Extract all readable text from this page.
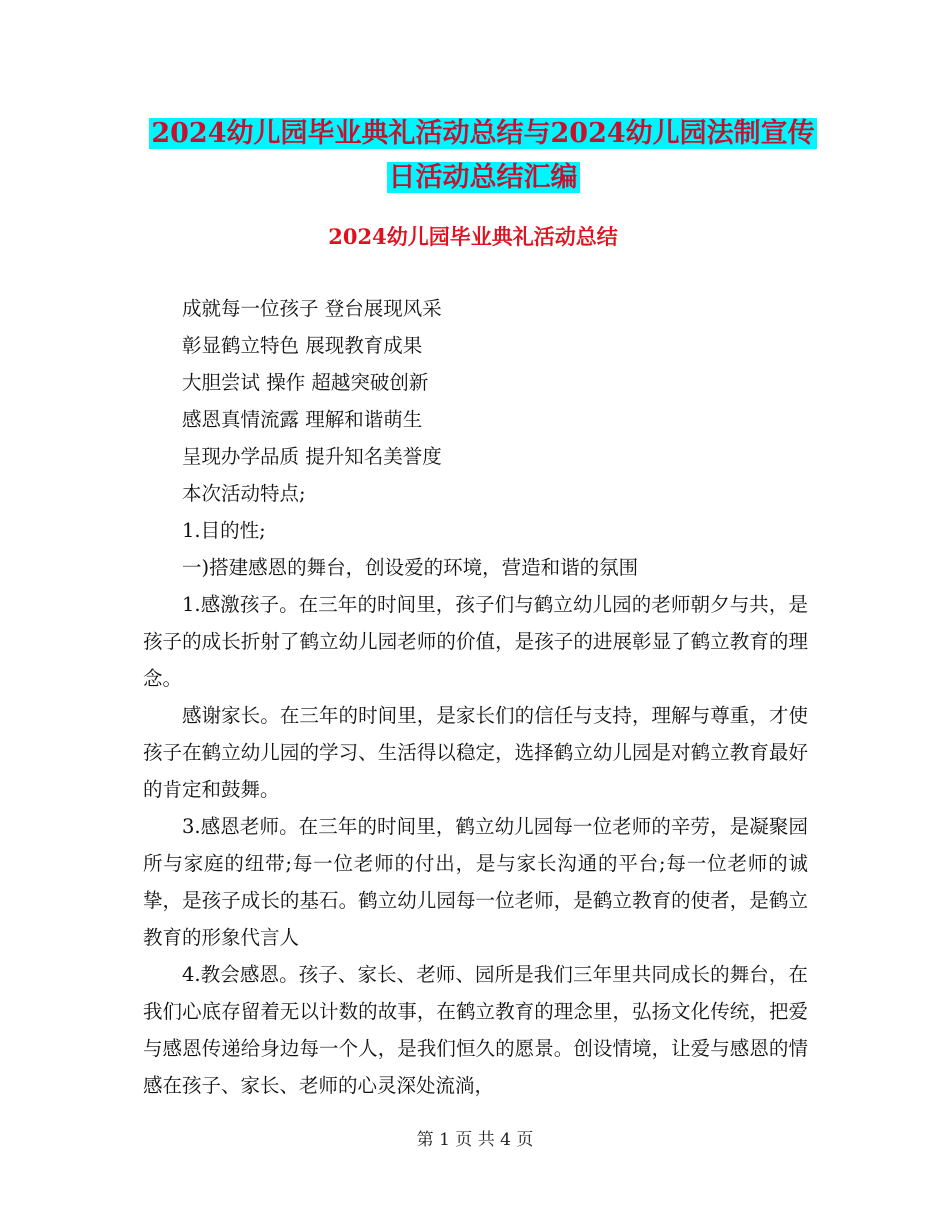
2024幼儿园毕业典礼活动总结与2024幼儿园法制宣传
日活动总结汇编
2024幼儿园毕业典礼活动总结

成就每一位孩子 登台展现风采

彰显鹤立特色 展现教育成果

大胆尝试 操作 超越突破创新

感恩真情流露 理解和谐萌生

呈现办学品质 提升知名美誉度

本次活动特点;

1.目的性;

一)搭建感恩的舞台，创设爱的环境，营造和谐的氛围

1.感激孩子。在三年的时间里，孩子们与鹤立幼儿园的老师朝夕与共，是孩子的成长折射了鹤立幼儿园老师的价值，是孩子的进展彰显了鹤立教育的理念。

感谢家长。在三年的时间里，是家长们的信任与支持，理解与尊重，才使孩子在鹤立幼儿园的学习、生活得以稳定，选择鹤立幼儿园是对鹤立教育最好的肯定和鼓舞。

3.感恩老师。在三年的时间里，鹤立幼儿园每一位老师的辛劳，是凝聚园所与家庭的纽带;每一位老师的付出，是与家长沟通的平台;每一位老师的诚挚，是孩子成长的基石。鹤立幼儿园每一位老师，是鹤立教育的使者，是鹤立教育的形象代言人

4.教会感恩。孩子、家长、老师、园所是我们三年里共同成长的舞台，在我们心底存留着无以计数的故事，在鹤立教育的理念里，弘扬文化传统，把爱与感恩传递给身边每一个人，是我们恒久的愿景。创设情境，让爱与感恩的情感在孩子、家长、老师的心灵深处流淌，

第 1 页 共 4 页
